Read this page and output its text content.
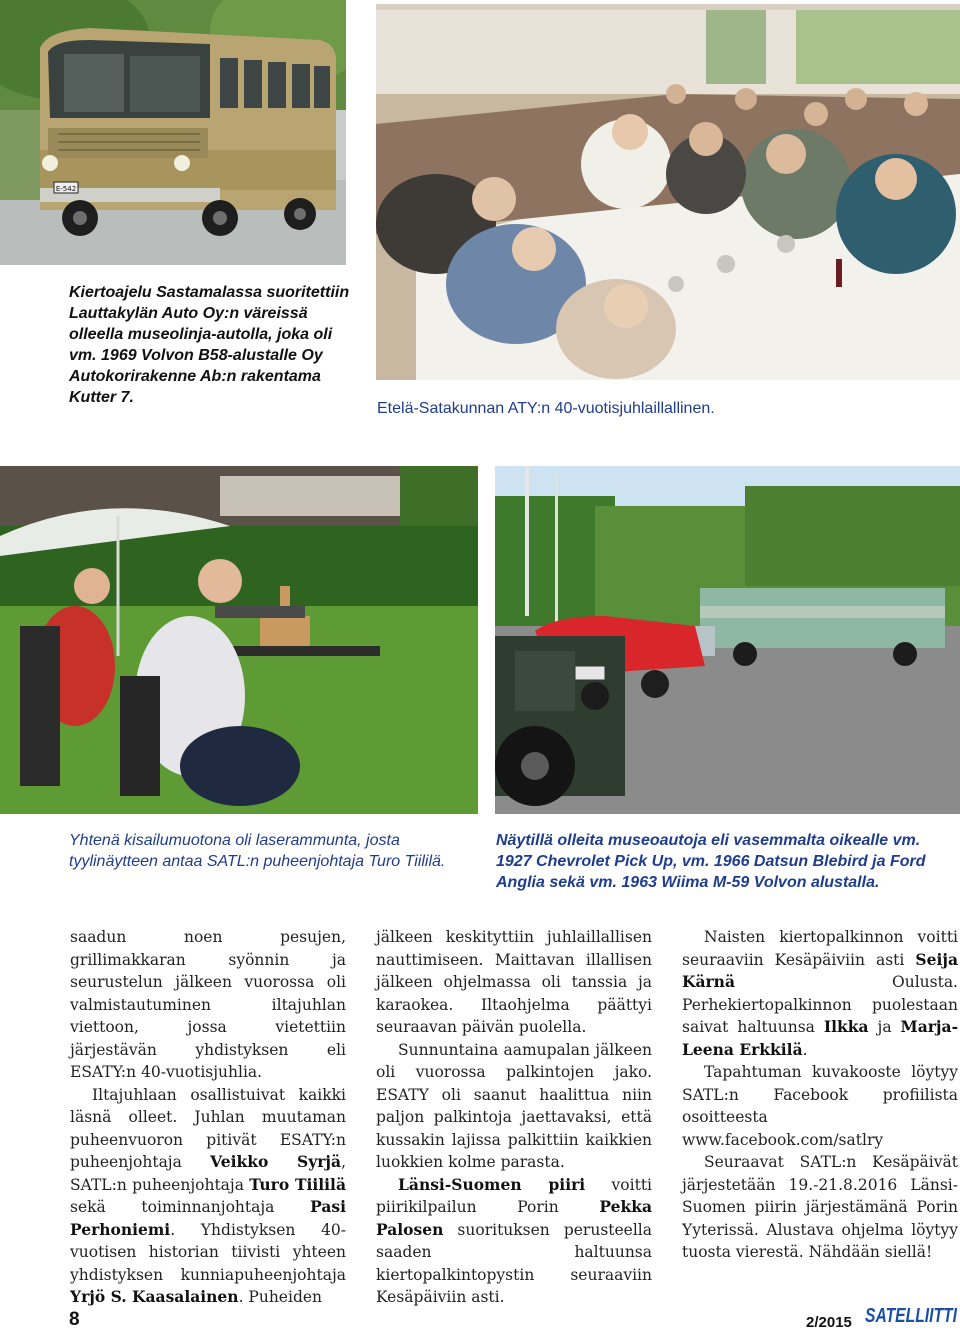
E-542
Kiertoajelu Sastamalassa suoritettiin Lauttakylän Auto Oy:n väreissä olleella museolinja-autolla, joka oli vm. 1969 Volvon B58-alustalle Oy Autokorirakenne Ab:n rakentama Kutter 7.
Etelä-Satakunnan ATY:n 40-vuotisjuhlaillallinen.
Yhtenä kisailumuotona oli laserammunta, josta tyylinäytteen antaa SATL:n puheenjohtaja Turo Tiililä.
Näytillä olleita museoautoja eli vasemmalta oikealle vm. 1927 Chevrolet Pick Up, vm. 1966 Datsun Blebird ja Ford Anglia sekä vm. 1963 Wiima M-59 Volvon alustalla.

saadun noen pesujen, grillimakkaran syönnin ja seurustelun jälkeen vuorossa oli valmistautuminen iltajuhlan viettoon, jossa vietettiin järjestävän yhdistyksen eli ESATY:n 40-vuotisjuhlia.

Iltajuhlaan osallistuivat kaikki läsnä olleet. Juhlan muutaman puheenvuoron pitivät ESATY:n puheenjohtaja Veikko Syrjä, SATL:n puheenjohtaja Turo Tiililä sekä toiminnanjohtaja Pasi Perhoniemi. Yhdistyksen 40-vuotisen historian tiivisti yhteen yhdistyksen kunniapuheenjohtaja Yrjö S. Kaasalainen. Puheiden

jälkeen keskityttiin juhlaillallisen nauttimiseen. Maittavan illallisen jälkeen ohjelmassa oli tanssia ja karaokea. Iltaohjelma päättyi seuraavan päivän puolella.

Sunnuntaina aamupalan jälkeen oli vuorossa palkintojen jako. ESATY oli saanut haalittua niin paljon palkintoja jaettavaksi, että kussakin lajissa palkittiin kaikkien luokkien kolme parasta.

Länsi-Suomen piiri voitti piirikilpailun Porin Pekka Palosen suorituksen perusteella saaden haltuunsa kiertopalkintopystin seuraaviin Kesäpäiviin asti.

Naisten kiertopalkinnon voitti seuraaviin Kesäpäiviin asti Seija Kärnä Oulusta. Perhekiertopalkinnon puolestaan saivat haltuunsa Ilkka ja Marja-Leena Erkkilä.

Tapahtuman kuvakooste löytyy SATL:n Facebook profiilista osoitteesta www.facebook.com/satlry

Seuraavat SATL:n Kesäpäivät järjestetään 19.-21.8.2016 Länsi-Suomen piirin järjestämänä Porin Yyterissä. Alustava ohjelma löytyy tuosta vierestä. Nähdään siellä!

8	2/2015 SATELLIITTI
